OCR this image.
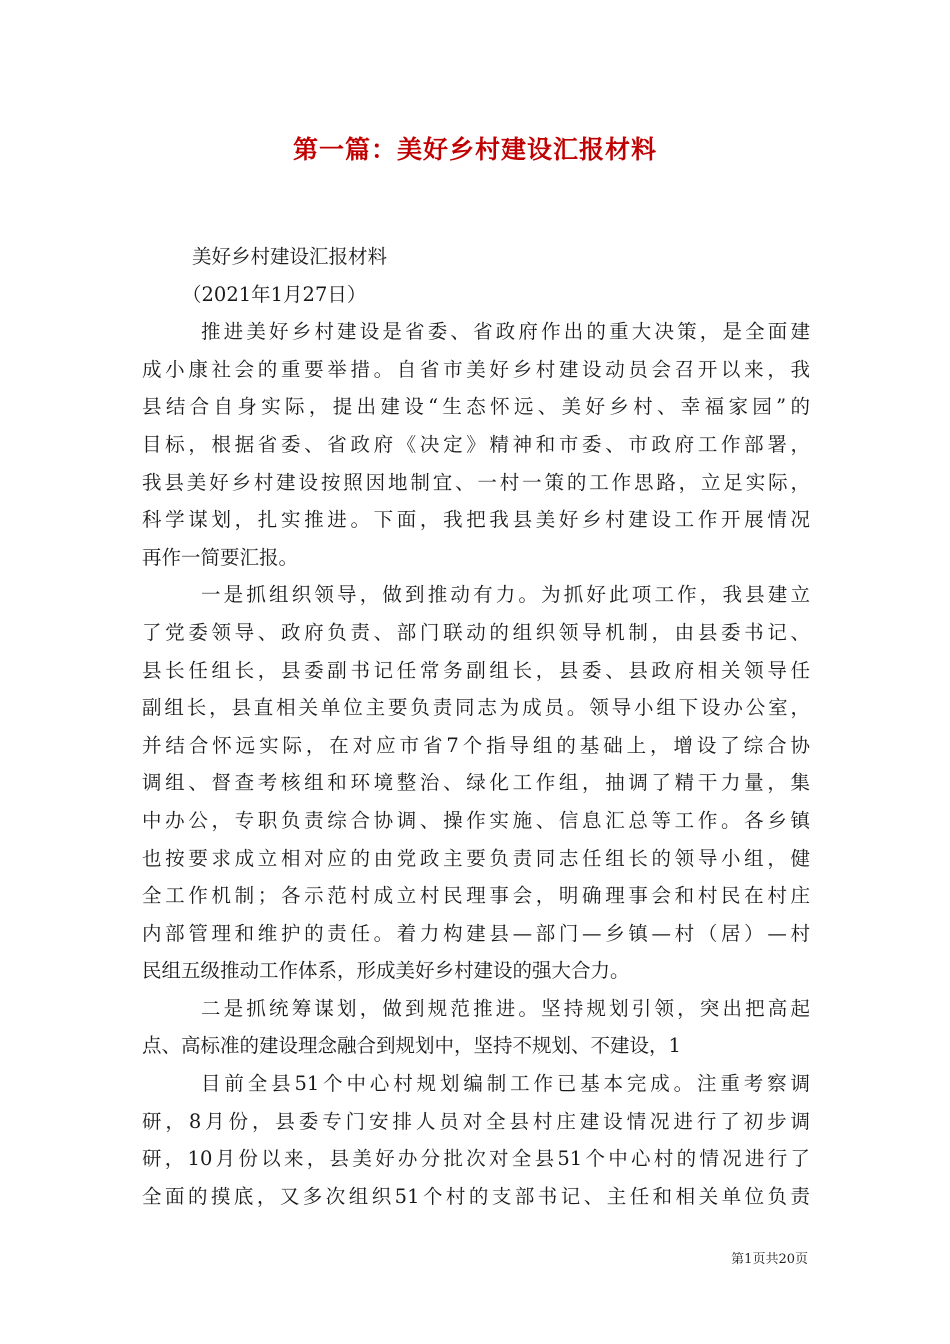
第一篇：美好乡村建设汇报材料
美好乡村建设汇报材料
（2021年1月27日）
推进美好乡村建设是省委、省政府作出的重大决策，是全面建
成小康社会的重要举措。自省市美好乡村建设动员会召开以来，我
县结合自身实际，提出建设“生态怀远、美好乡村、幸福家园”的
目标，根据省委、省政府《决定》精神和市委、市政府工作部署，
我县美好乡村建设按照因地制宜、一村一策的工作思路，立足实际，
科学谋划，扎实推进。下面，我把我县美好乡村建设工作开展情况
再作一简要汇报。
一是抓组织领导，做到推动有力。为抓好此项工作，我县建立
了党委领导、政府负责、部门联动的组织领导机制，由县委书记、
县长任组长，县委副书记任常务副组长，县委、县政府相关领导任
副组长，县直相关单位主要负责同志为成员。领导小组下设办公室，
并结合怀远实际，在对应市省7个指导组的基础上，增设了综合协
调组、督查考核组和环境整治、绿化工作组，抽调了精干力量，集
中办公，专职负责综合协调、操作实施、信息汇总等工作。各乡镇
也按要求成立相对应的由党政主要负责同志任组长的领导小组，健
全工作机制；各示范村成立村民理事会，明确理事会和村民在村庄
内部管理和维护的责任。着力构建县—部门—乡镇—村（居）—村
民组五级推动工作体系，形成美好乡村建设的强大合力。
二是抓统筹谋划，做到规范推进。坚持规划引领，突出把高起
点、高标准的建设理念融合到规划中，坚持不规划、不建设，1
目前全县51个中心村规划编制工作已基本完成。注重考察调
研，8月份，县委专门安排人员对全县村庄建设情况进行了初步调
研，10月份以来，县美好办分批次对全县51个中心村的情况进行了
全面的摸底，又多次组织51个村的支部书记、主任和相关单位负责
第1页共20页
